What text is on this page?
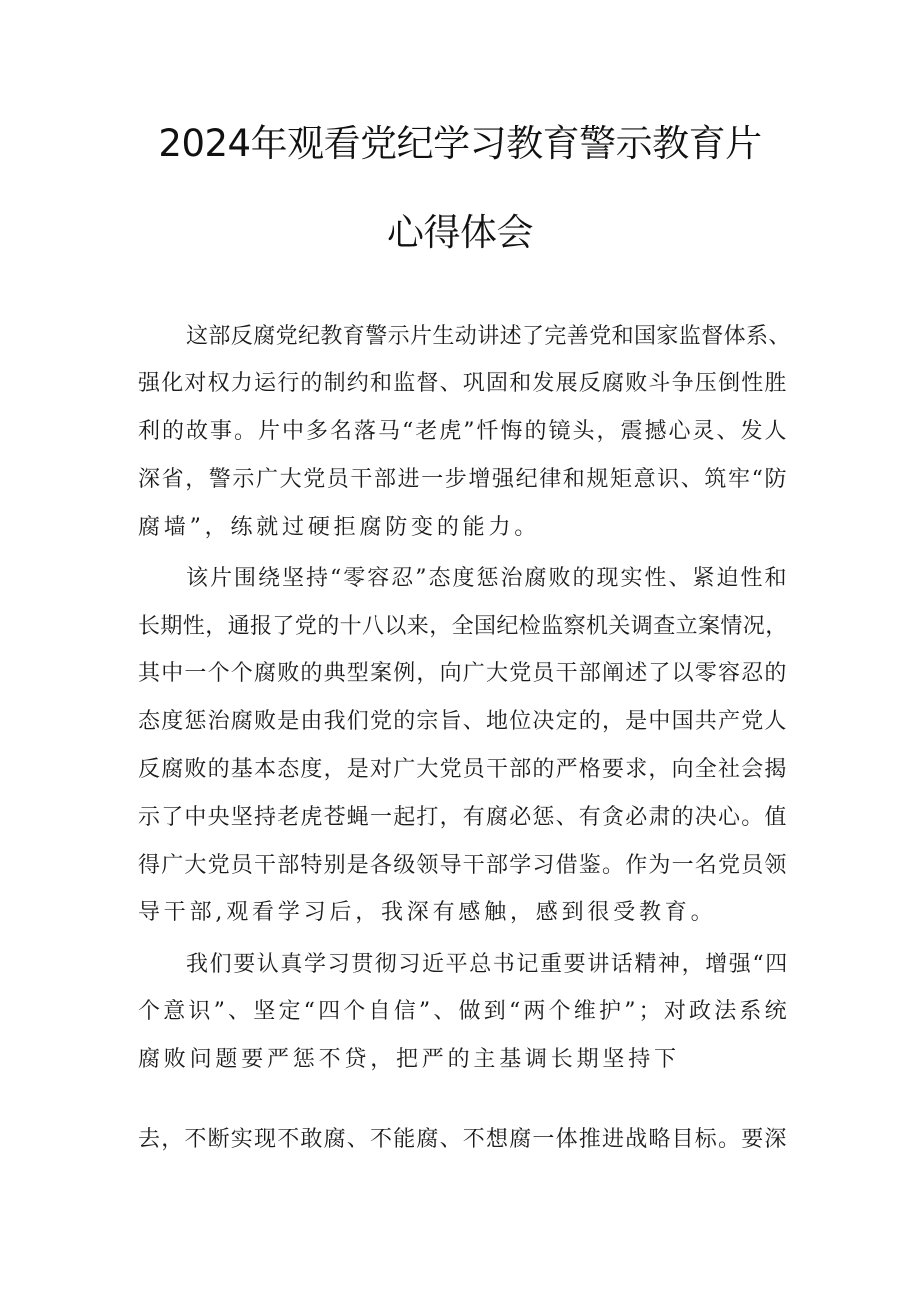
2024年观看党纪学习教育警示教育片
心得体会
这部反腐党纪教育警示片生动讲述了完善党和国家监督体系、
强化对权力运行的制约和监督、巩固和发展反腐败斗争压倒性胜
利的故事。片中多名落马“老虎”忏悔的镜头，震撼心灵、发人
深省，警示广大党员干部进一步增强纪律和规矩意识、筑牢“防
腐墙”，练就过硬拒腐防变的能力。
该片围绕坚持“零容忍”态度惩治腐败的现实性、紧迫性和
长期性，通报了党的十八以来，全国纪检监察机关调查立案情况，
其中一个个腐败的典型案例，向广大党员干部阐述了以零容忍的
态度惩治腐败是由我们党的宗旨、地位决定的，是中国共产党人
反腐败的基本态度，是对广大党员干部的严格要求，向全社会揭
示了中央坚持老虎苍蝇一起打，有腐必惩、有贪必肃的决心。值
得广大党员干部特别是各级领导干部学习借鉴。作为一名党员领
导干部,观看学习后，我深有感触，感到很受教育。
我们要认真学习贯彻习近平总书记重要讲话精神，增强“四
个意识”、坚定“四个自信”、做到“两个维护”；对政法系统
腐败问题要严惩不贷，把严的主基调长期坚持下
去，不断实现不敢腐、不能腐、不想腐一体推进战略目标。要深
